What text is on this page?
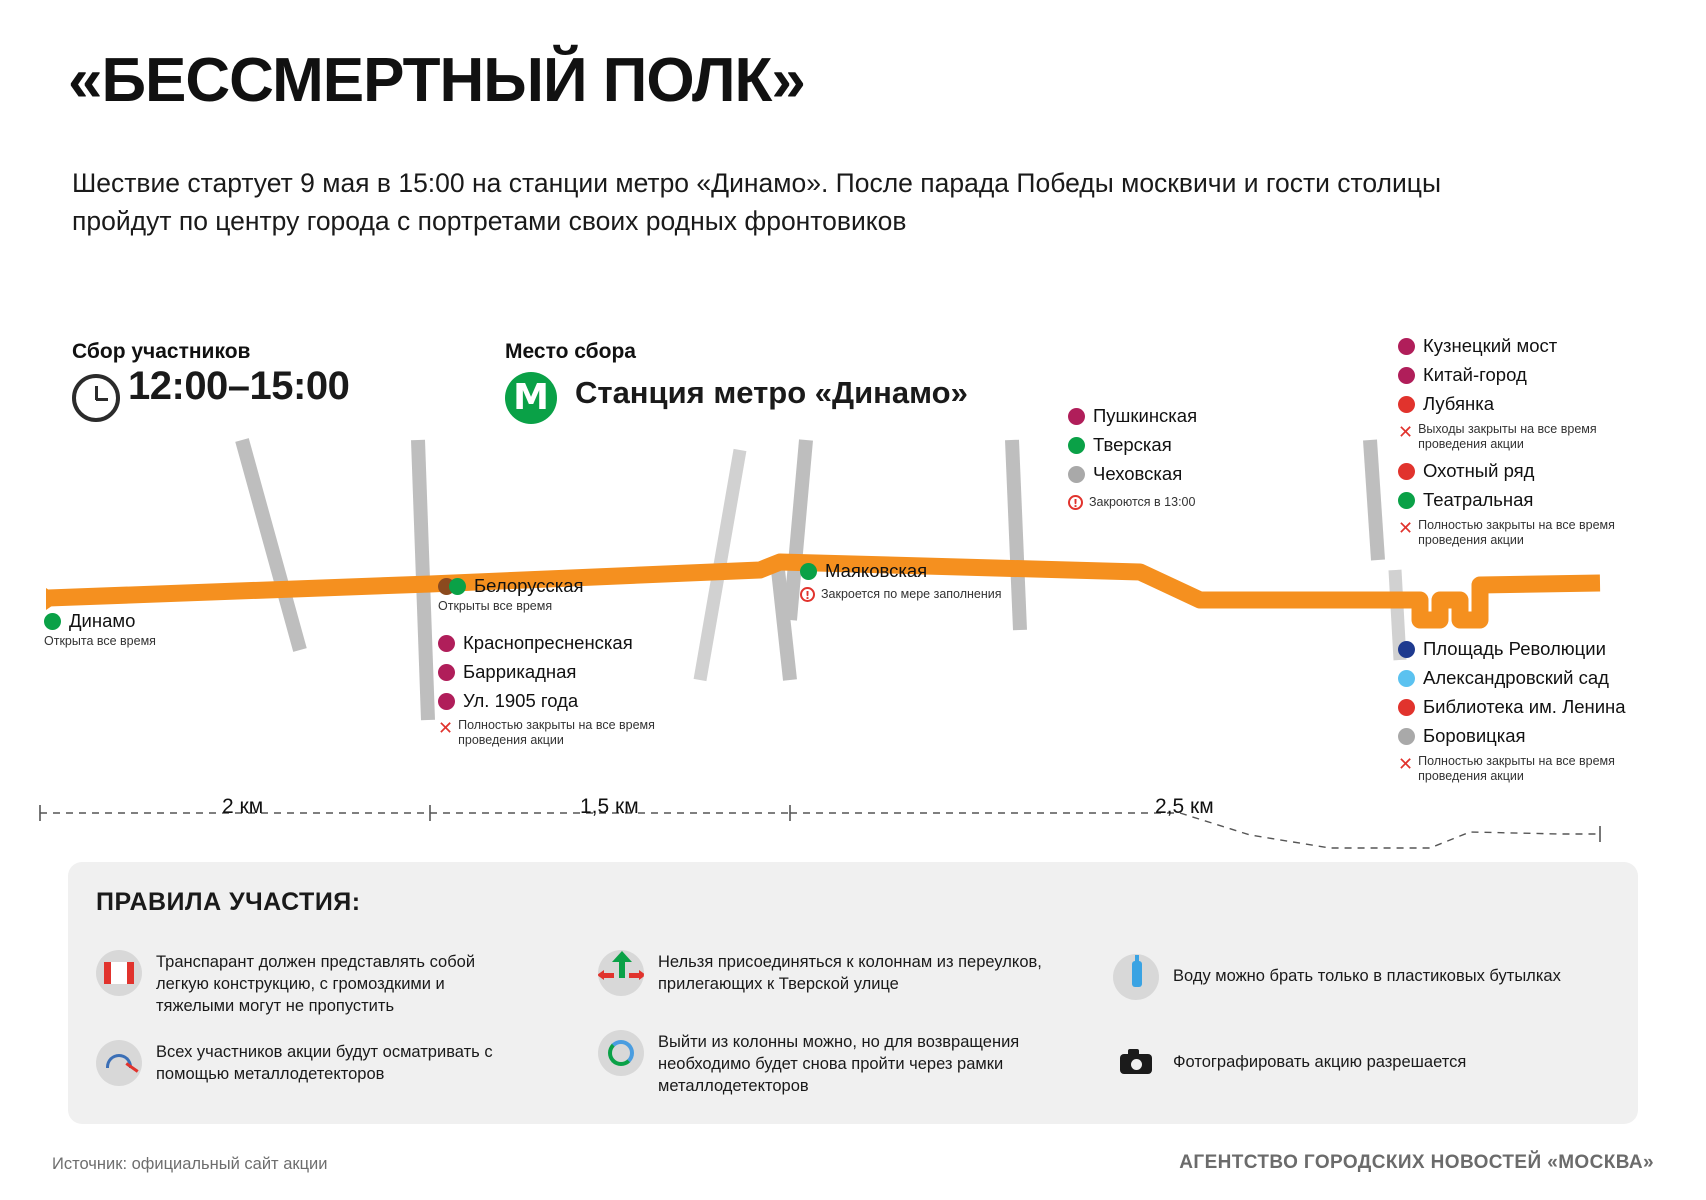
«БЕССМЕРТНЫЙ ПОЛК»
Шествие стартует 9 мая в 15:00 на станции метро «Динамо». После парада Победы москвичи и гости столицы пройдут по центру города с портретами своих родных фронтовиков
Сбор участников
12:00–15:00
Место сбора
M Станция метро «Динамо»
Динамо
Открыта все время
Белорусская
Открыты все время
Краснопресненская
Баррикадная
Ул. 1905 года
✕ Полностью закрыты на все время проведения акции
Маяковская
! Закроется по мере заполнения
Пушкинская
Тверская
Чеховская
! Закроются в 13:00
Кузнецкий мост
Китай-город
Лубянка
✕ Выходы закрыты на все время проведения акции
Охотный ряд
Театральная
✕ Полностью закрыты на все время проведения акции
Площадь Революции
Александровский сад
Библиотека им. Ленина
Боровицкая
✕ Полностью закрыты на все время проведения акции
2 км	1,5 км	2,5 км
ПРАВИЛА УЧАСТИЯ:
Транспарант должен представлять собой легкую конструкцию, с громоздкими и тяжелыми могут не пропустить
Всех участников акции будут осматривать с помощью металлодетекторов
Нельзя присоединяться к колоннам из переулков, прилегающих к Тверской улице
Выйти из колонны можно, но для возвращения необходимо будет снова пройти через рамки металлодетекторов
Воду можно брать только в пластиковых бутылках
Фотографировать акцию разрешается
Источник: официальный сайт акции	АГЕНТСТВО ГОРОДСКИХ НОВОСТЕЙ «МОСКВА»
